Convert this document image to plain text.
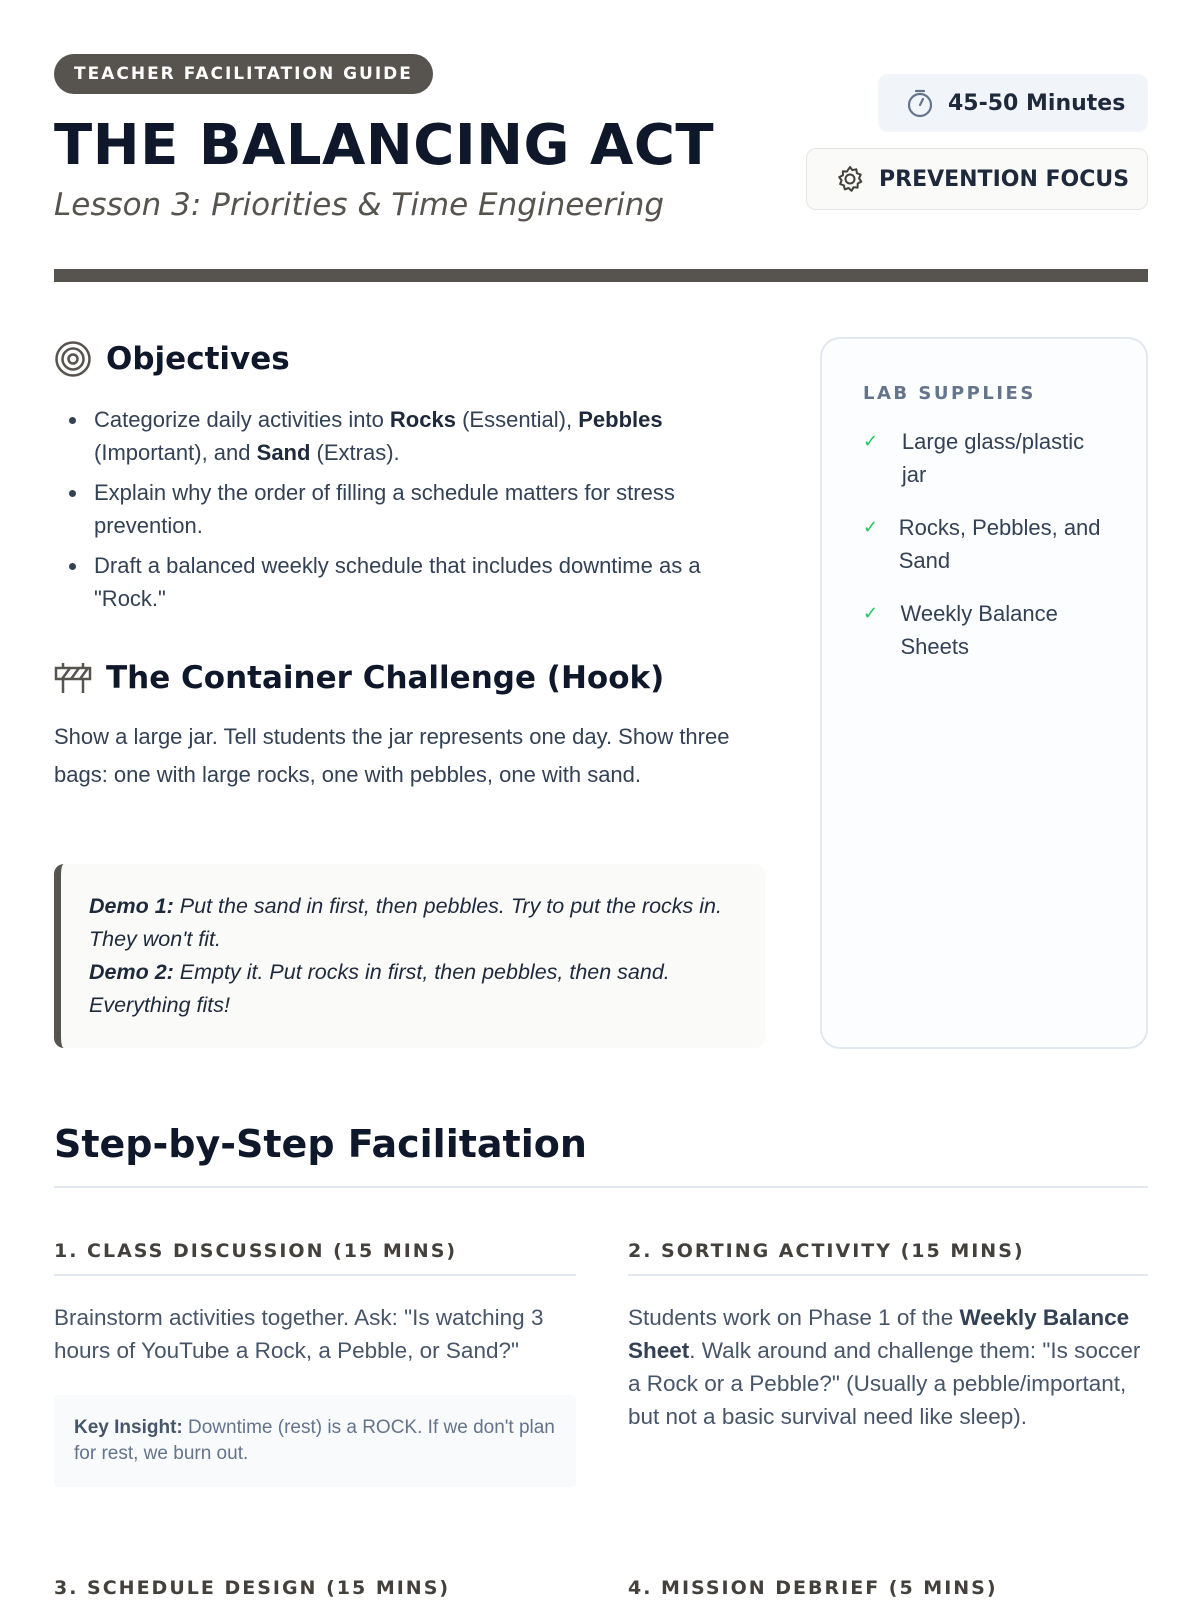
TEACHER FACILITATION GUIDE
THE BALANCING ACT
Lesson 3: Priorities & Time Engineering
45-50 Minutes
PREVENTION FOCUS
Objectives
Categorize daily activities into Rocks (Essential), Pebbles (Important), and Sand (Extras).
Explain why the order of filling a schedule matters for stress prevention.
Draft a balanced weekly schedule that includes downtime as a "Rock."
The Container Challenge (Hook)

Show a large jar. Tell students the jar represents one day. Show three bags: one with large rocks, one with pebbles, one with sand.

Demo 1: Put the sand in first, then pebbles. Try to put the rocks in. They won't fit.
Demo 2: Empty it. Put rocks in first, then pebbles, then sand. Everything fits!
LAB SUPPLIES
✓ Large glass/plastic jar
✓ Rocks, Pebbles, and Sand
✓ Weekly Balance Sheets
Step-by-Step Facilitation
1. CLASS DISCUSSION (15 MINS)

Brainstorm activities together. Ask: "Is watching 3 hours of YouTube a Rock, a Pebble, or Sand?"

Key Insight: Downtime (rest) is a ROCK. If we don't plan for rest, we burn out.
2. SORTING ACTIVITY (15 MINS)

Students work on Phase 1 of the Weekly Balance Sheet. Walk around and challenge them: "Is soccer a Rock or a Pebble?" (Usually a pebble/important, but not a basic survival need like sleep).

3. SCHEDULE DESIGN (15 MINS)	4. MISSION DEBRIEF (5 MINS)
